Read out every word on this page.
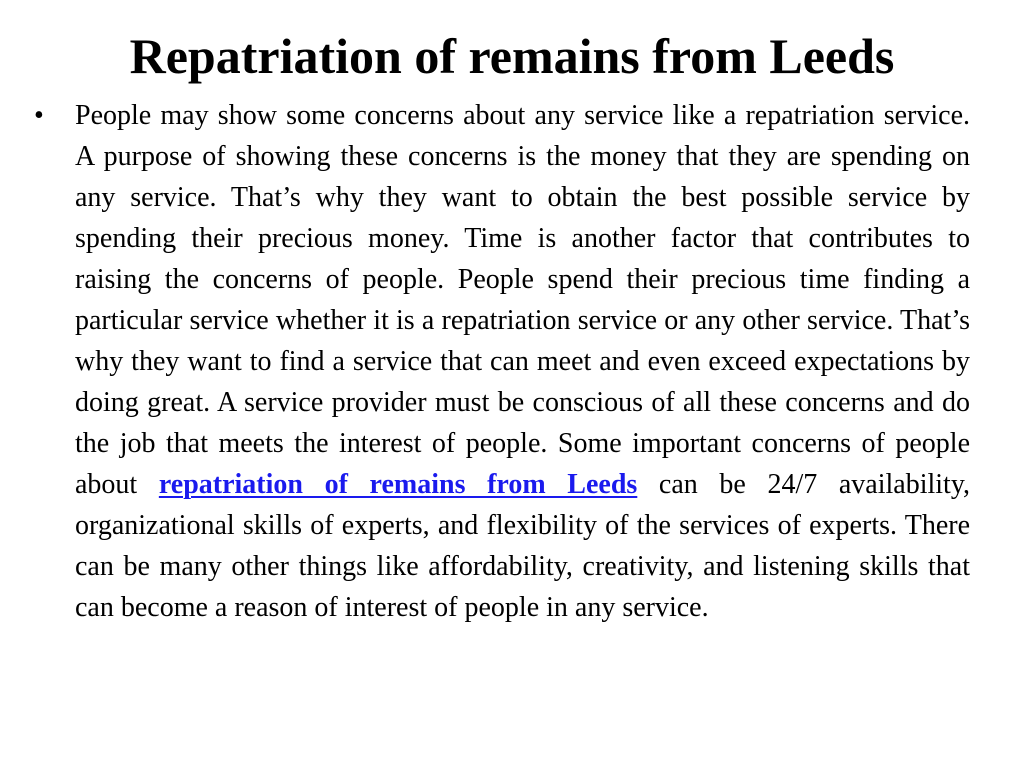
Repatriation of remains from Leeds
•	People may show some concerns about any service like a repatriation service. A purpose of showing these concerns is the money that they are spending on any service. That’s why they want to obtain the best possible service by spending their precious money. Time is another factor that contributes to raising the concerns of people. People spend their precious time finding a particular service whether it is a repatriation service or any other service. That’s why they want to find a service that can meet and even exceed expectations by doing great. A service provider must be conscious of all these concerns and do the job that meets the interest of people. Some important concerns of people about repatriation of remains from Leeds can be 24/7 availability, organizational skills of experts, and flexibility of the services of experts. There can be many other things like affordability, creativity, and listening skills that can become a reason of interest of people in any service.
